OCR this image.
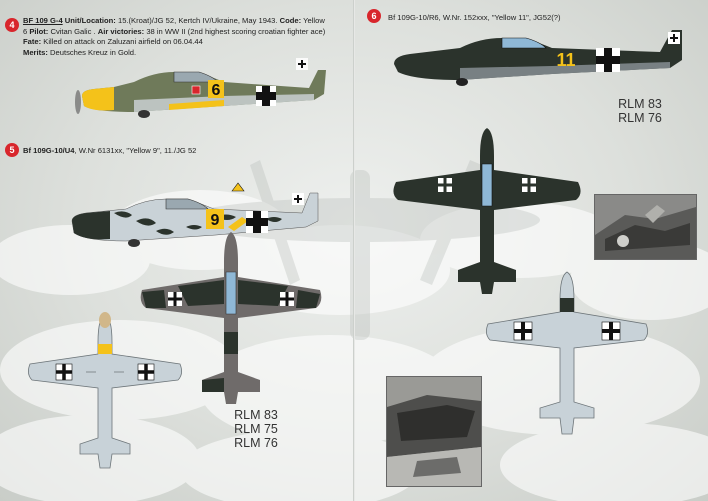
4	BF 109 G-4 Unit/Location: 15.(Kroat)/JG 52, Kertch IV/Ukraine, May 1943. Code: Yellow 6 Pilot: Cvitan Galic . Air victories: 38 in WW II (2nd highest scoring croatian fighter ace) Fate: Killed on attack on Zaluzani airfield on 06.04.44
Merits: Deutsches Kreuz in Gold.
6
5	Bf 109G-10/U4, W.Nr 6131xx, "Yellow 9", 11./JG 52
9
RLM 83
RLM 75
RLM 76
6	Bf 109G-10/R6, W.Nr. 152xxx, "Yellow 11", JG52(?)
11
RLM 83
RLM 76
